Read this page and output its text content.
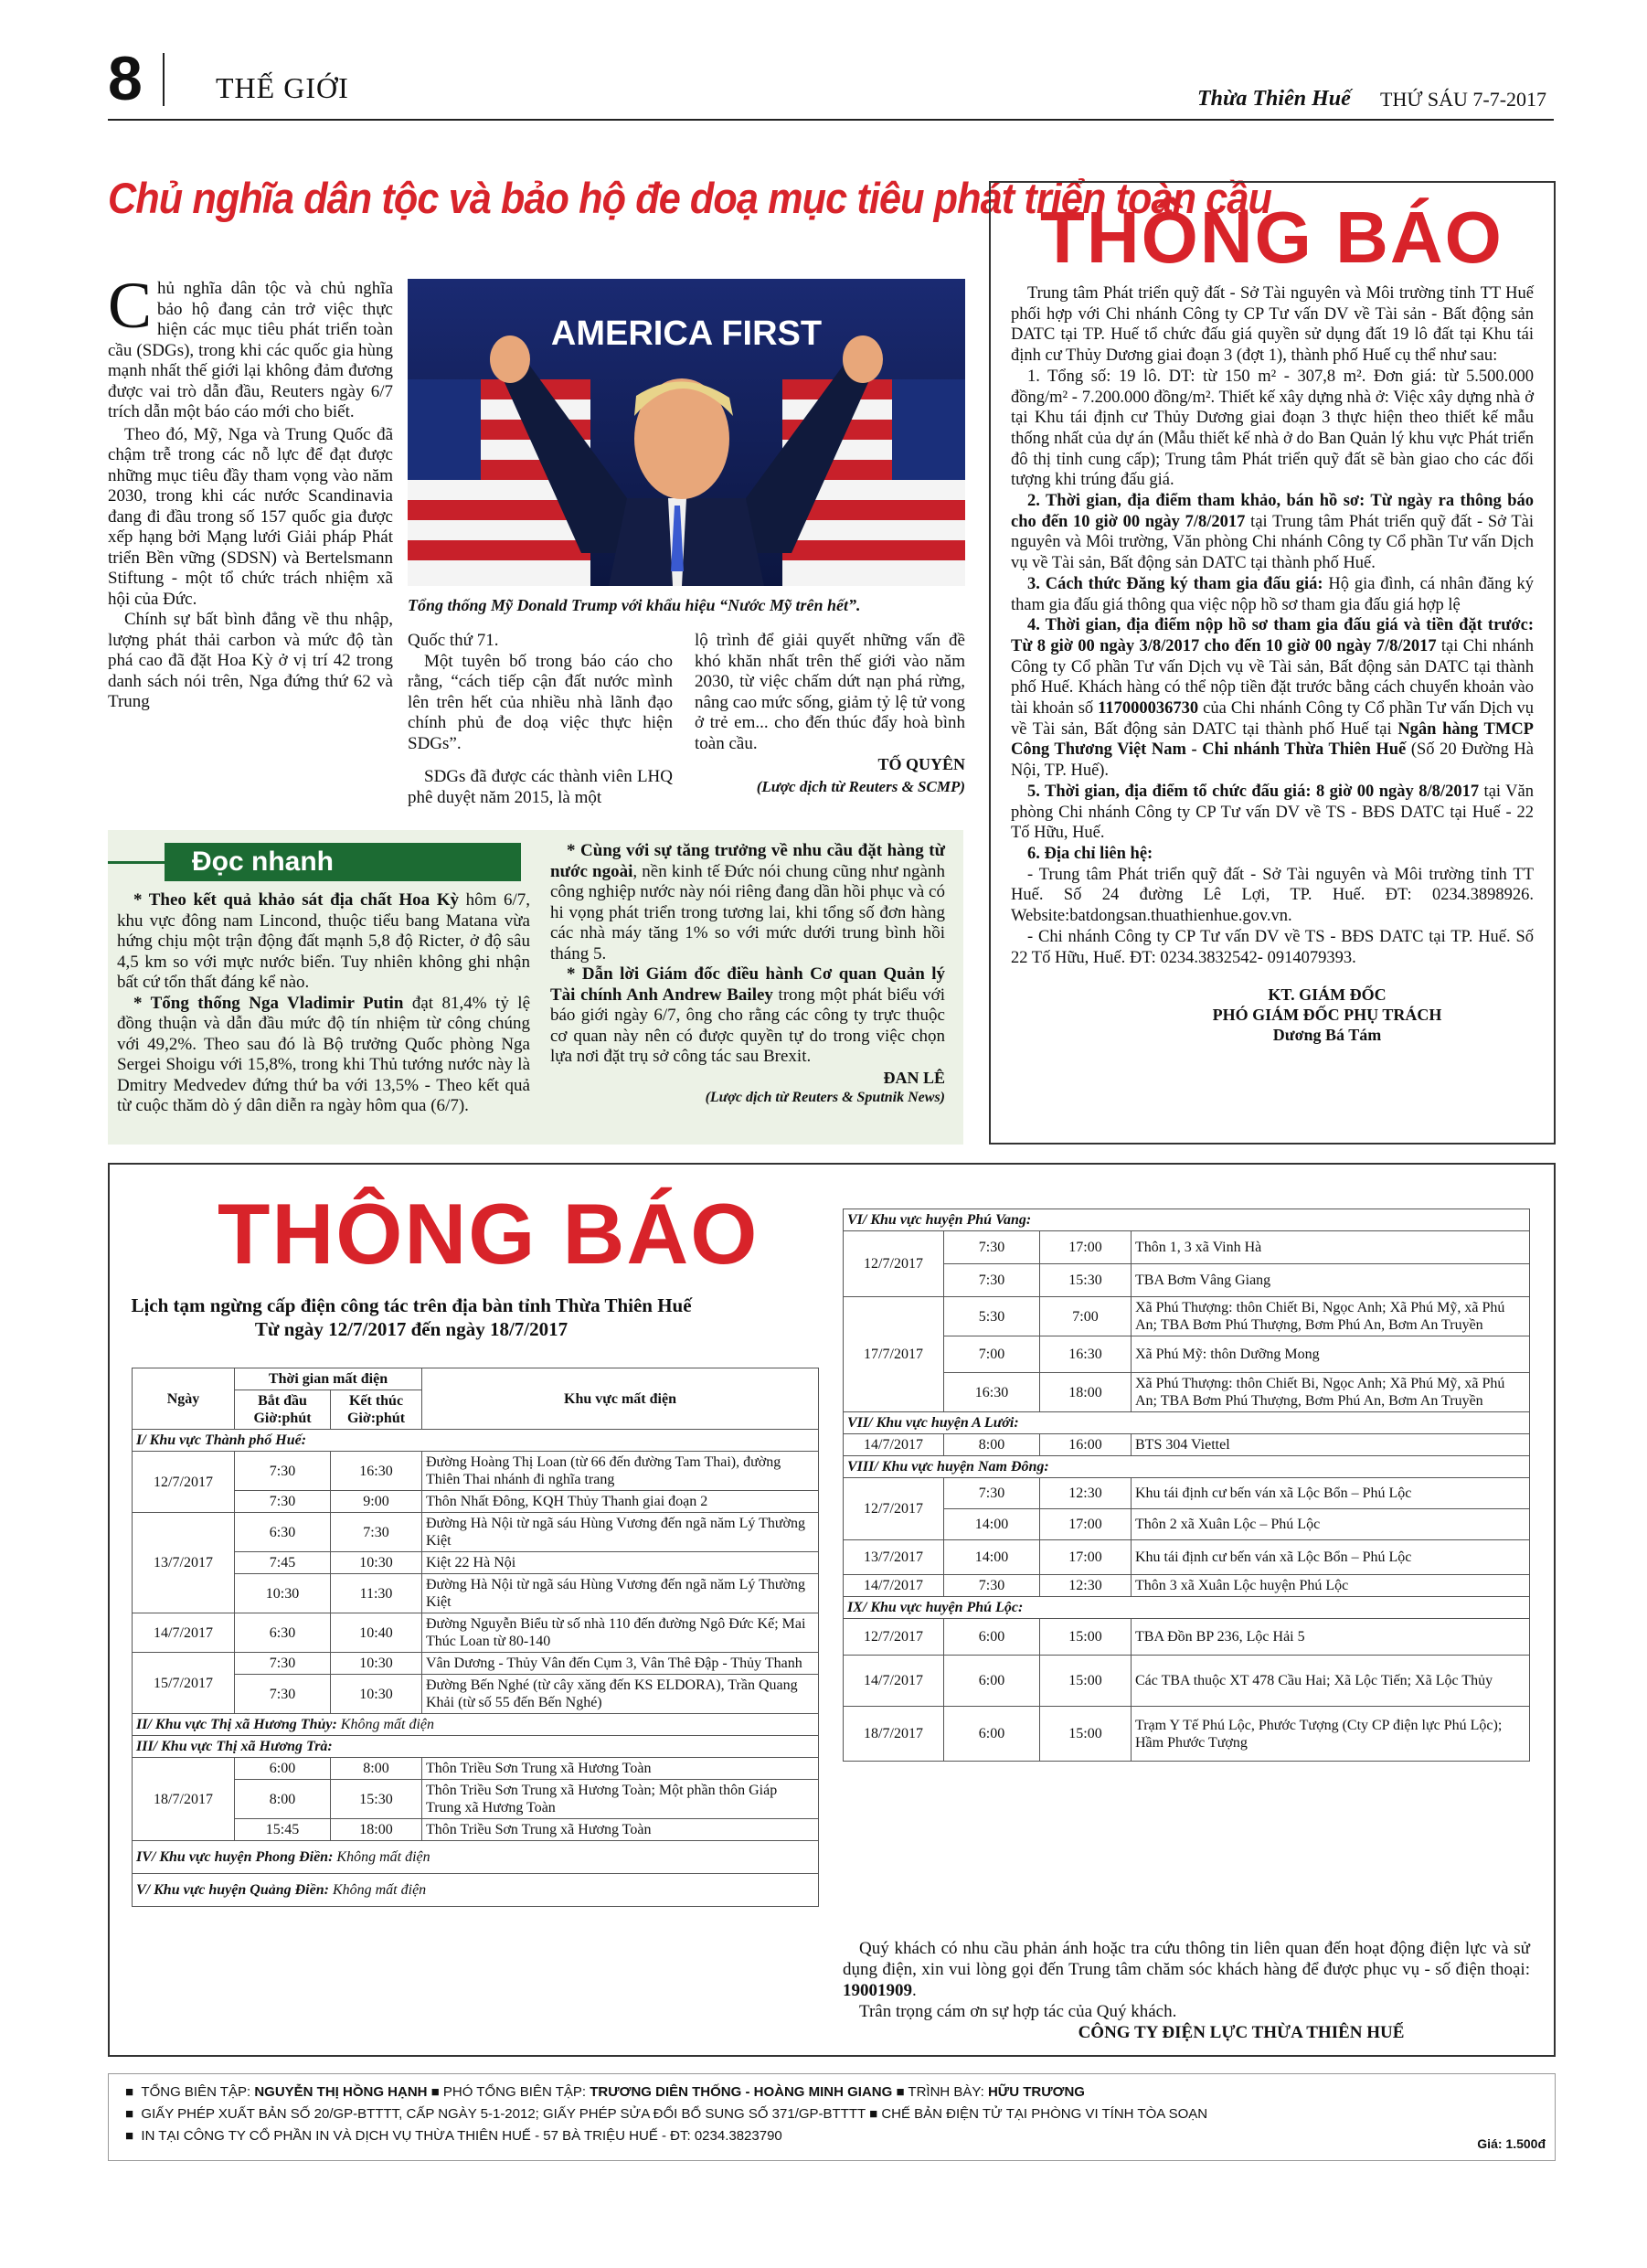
8	THẾ GIỚI	Thừa Thiên Huế THỨ SÁU 7-7-2017
Chủ nghĩa dân tộc và bảo hộ đe doạ mục tiêu phát triển toàn cầu

Chủ nghĩa dân tộc và chủ nghĩa bảo hộ đang cản trở việc thực hiện các mục tiêu phát triển toàn cầu (SDGs), trong khi các quốc gia hùng mạnh nhất thế giới lại không đảm đương được vai trò dẫn đầu, Reuters ngày 6/7 trích dẫn một báo cáo mới cho biết.

Theo đó, Mỹ, Nga và Trung Quốc đã chậm trễ trong các nỗ lực để đạt được những mục tiêu đầy tham vọng vào năm 2030, trong khi các nước Scandinavia đang đi đầu trong số 157 quốc gia được xếp hạng bởi Mạng lưới Giải pháp Phát triển Bền vững (SDSN) và Bertelsmann Stiftung - một tổ chức trách nhiệm xã hội của Đức.

Chính sự bất bình đẳng về thu nhập, lượng phát thải carbon và mức độ tàn phá cao đã đặt Hoa Kỳ ở vị trí 42 trong danh sách nói trên, Nga đứng thứ 62 và Trung

AMERICA FIRST
Tổng thống Mỹ Donald Trump với khẩu hiệu “Nước Mỹ trên hết”.

Quốc thứ 71.

Một tuyên bố trong báo cáo cho rằng, “cách tiếp cận đất nước mình lên trên hết của nhiều nhà lãnh đạo chính phủ đe doạ việc thực hiện SDGs”.

SDGs đã được các thành viên LHQ phê duyệt năm 2015, là một

lộ trình để giải quyết những vấn đề khó khăn nhất trên thế giới vào năm 2030, từ việc chấm dứt nạn phá rừng, nâng cao mức sống, giảm tỷ lệ tử vong ở trẻ em... cho đến thúc đẩy hoà bình toàn cầu.

TỐ QUYÊN
(Lược dịch từ Reuters & SCMP)
Đọc nhanh

* Theo kết quả khảo sát địa chất Hoa Kỳ hôm 6/7, khu vực đông nam Lincond, thuộc tiểu bang Matana vừa hứng chịu một trận động đất mạnh 5,8 độ Ricter, ở độ sâu 4,5 km so với mực nước biển. Tuy nhiên không ghi nhận bất cứ tổn thất đáng kể nào.

* Tổng thống Nga Vladimir Putin đạt 81,4% tỷ lệ đồng thuận và dẫn đầu mức độ tín nhiệm từ công chúng với 49,2%. Theo sau đó là Bộ trưởng Quốc phòng Nga Sergei Shoigu với 15,8%, trong khi Thủ tướng nước này là Dmitry Medvedev đứng thứ ba với 13,5% - Theo kết quả từ cuộc thăm dò ý dân diễn ra ngày hôm qua (6/7).

* Cùng với sự tăng trưởng về nhu cầu đặt hàng từ nước ngoài, nền kinh tế Đức nói chung cũng như ngành công nghiệp nước này nói riêng đang dần hồi phục và có hi vọng phát triển trong tương lai, khi tổng số đơn hàng các nhà máy tăng 1% so với mức dưới trung bình hồi tháng 5.

* Dẫn lời Giám đốc điều hành Cơ quan Quản lý Tài chính Anh Andrew Bailey trong một phát biểu với báo giới ngày 6/7, ông cho rằng các công ty trực thuộc cơ quan này nên có được quyền tự do trong việc chọn lựa nơi đặt trụ sở công tác sau Brexit.

ĐAN LÊ
(Lược dịch từ Reuters & Sputnik News)
THÔNG BÁO

Trung tâm Phát triển quỹ đất - Sở Tài nguyên và Môi trường tỉnh TT Huế phối hợp với Chi nhánh Công ty CP Tư vấn DV về Tài sản - Bất động sản DATC tại TP. Huế tổ chức đấu giá quyền sử dụng đất 19 lô đất tại Khu tái định cư Thủy Dương giai đoạn 3 (đợt 1), thành phố Huế cụ thể như sau:

1. Tổng số: 19 lô. DT: từ 150 m² - 307,8 m². Đơn giá: từ 5.500.000 đồng/m² - 7.200.000 đồng/m². Thiết kế xây dựng nhà ở: Việc xây dựng nhà ở tại Khu tái định cư Thủy Dương giai đoạn 3 thực hiện theo thiết kế mẫu thống nhất của dự án (Mẫu thiết kế nhà ở do Ban Quản lý khu vực Phát triển đô thị tỉnh cung cấp); Trung tâm Phát triển quỹ đất sẽ bàn giao cho các đối tượng khi trúng đấu giá.

2. Thời gian, địa điểm tham khảo, bán hồ sơ: Từ ngày ra thông báo cho đến 10 giờ 00 ngày 7/8/2017 tại Trung tâm Phát triển quỹ đất - Sở Tài nguyên và Môi trường, Văn phòng Chi nhánh Công ty Cổ phần Tư vấn Dịch vụ về Tài sản, Bất động sản DATC tại thành phố Huế.

3. Cách thức Đăng ký tham gia đấu giá: Hộ gia đình, cá nhân đăng ký tham gia đấu giá thông qua việc nộp hồ sơ tham gia đấu giá hợp lệ

4. Thời gian, địa điểm nộp hồ sơ tham gia đấu giá và tiền đặt trước: Từ 8 giờ 00 ngày 3/8/2017 cho đến 10 giờ 00 ngày 7/8/2017 tại Chi nhánh Công ty Cổ phần Tư vấn Dịch vụ về Tài sản, Bất động sản DATC tại thành phố Huế. Khách hàng có thể nộp tiền đặt trước bằng cách chuyển khoản vào tài khoản số 117000036730 của Chi nhánh Công ty Cổ phần Tư vấn Dịch vụ về Tài sản, Bất động sản DATC tại thành phố Huế tại Ngân hàng TMCP Công Thương Việt Nam - Chi nhánh Thừa Thiên Huế (Số 20 Đường Hà Nội, TP. Huế).

5. Thời gian, địa điểm tổ chức đấu giá: 8 giờ 00 ngày 8/8/2017 tại Văn phòng Chi nhánh Công ty CP Tư vấn DV về TS - BĐS DATC tại Huế - 22 Tố Hữu, Huế.

6. Địa chỉ liên hệ:

- Trung tâm Phát triển quỹ đất - Sở Tài nguyên và Môi trường tỉnh TT Huế. Số 24 đường Lê Lợi, TP. Huế. ĐT: 0234.3898926. Website:batdongsan.thuathienhue.gov.vn.

- Chi nhánh Công ty CP Tư vấn DV về TS - BĐS DATC tại TP. Huế. Số 22 Tố Hữu, Huế. ĐT: 0234.3832542- 0914079393.

KT. GIÁM ĐỐC
PHÓ GIÁM ĐỐC PHỤ TRÁCH
Dương Bá Tám
THÔNG BÁO
Lịch tạm ngừng cấp điện công tác trên địa bàn tỉnh Thừa Thiên Huế
Từ ngày 12/7/2017 đến ngày 18/7/2017
Ngày	Thời gian mất điện		Khu vực mất điện
	Bắt đầu Giờ:phút	Kết thúc Giờ:phút	
I/ Khu vực Thành phố Huế:			
12/7/2017	7:30	16:30	Đường Hoàng Thị Loan (từ 66 đến đường Tam Thai), đường Thiên Thai nhánh đi nghĩa trang
	7:30	9:00	Thôn Nhất Đông, KQH Thủy Thanh giai đoạn 2
13/7/2017	6:30	7:30	Đường Hà Nội từ ngã sáu Hùng Vương đến ngã năm Lý Thường Kiệt
	7:45	10:30	Kiệt 22 Hà Nội
	10:30	11:30	Đường Hà Nội từ ngã sáu Hùng Vương đến ngã năm Lý Thường Kiệt
14/7/2017	6:30	10:40	Đường Nguyễn Biểu từ số nhà 110 đến đường Ngô Đức Kế; Mai Thúc Loan từ 80-140
15/7/2017	7:30	10:30	Vân Dương - Thủy Vân đến Cụm 3, Vân Thê Đập - Thủy Thanh
	7:30	10:30	Đường Bến Nghé (từ cây xăng đến KS ELDORA), Trần Quang Khải (từ số 55 đến Bến Nghé)
II/ Khu vực Thị xã Hương Thủy: Không mất điện			
III/ Khu vực Thị xã Hương Trà:			
18/7/2017	6:00	8:00	Thôn Triều Sơn Trung xã Hương Toàn
	8:00	15:30	Thôn Triều Sơn Trung xã Hương Toàn; Một phần thôn Giáp Trung xã Hương Toàn
	15:45	18:00	Thôn Triều Sơn Trung xã Hương Toàn
IV/ Khu vực huyện Phong Điền: Không mất điện			
V/ Khu vực huyện Quảng Điền: Không mất điện			
VI/ Khu vực huyện Phú Vang:			
12/7/2017	7:30	17:00	Thôn 1, 3 xã Vinh Hà
	7:30	15:30	TBA Bơm Vâng Giang
17/7/2017	5:30	7:00	Xã Phú Thượng: thôn Chiết Bi, Ngọc Anh; Xã Phú Mỹ, xã Phú An; TBA Bơm Phú Thượng, Bơm Phú An, Bơm An Truyền
	7:00	16:30	Xã Phú Mỹ: thôn Dưỡng Mong
	16:30	18:00	Xã Phú Thượng: thôn Chiết Bi, Ngọc Anh; Xã Phú Mỹ, xã Phú An; TBA Bơm Phú Thượng, Bơm Phú An, Bơm An Truyền
VII/ Khu vực huyện A Lưới:			
14/7/2017	8:00	16:00	BTS 304 Viettel
VIII/ Khu vực huyện Nam Đông:			
12/7/2017	7:30	12:30	Khu tái định cư bến ván xã Lộc Bổn – Phú Lộc
	14:00	17:00	Thôn 2 xã Xuân Lộc – Phú Lộc
13/7/2017	14:00	17:00	Khu tái định cư bến ván xã Lộc Bổn – Phú Lộc
14/7/2017	7:30	12:30	Thôn 3 xã Xuân Lộc huyện Phú Lộc
IX/ Khu vực huyện Phú Lộc:			
12/7/2017	6:00	15:00	TBA Đồn BP 236, Lộc Hải 5
14/7/2017	6:00	15:00	Các TBA thuộc XT 478 Cầu Hai; Xã Lộc Tiến; Xã Lộc Thủy
18/7/2017	6:00	15:00	Trạm Y Tế Phú Lộc, Phước Tượng (Cty CP điện lực Phú Lộc); Hầm Phước Tượng

Quý khách có nhu cầu phản ánh hoặc tra cứu thông tin liên quan đến hoạt động điện lực và sử dụng điện, xin vui lòng gọi đến Trung tâm chăm sóc khách hàng để được phục vụ - số điện thoại: 19001909.

Trân trọng cám ơn sự hợp tác của Quý khách.

CÔNG TY ĐIỆN LỰC THỪA THIÊN HUẾ
■  TỔNG BIÊN TẬP: NGUYỄN THỊ HỒNG HẠNH ■ PHÓ TỔNG BIÊN TẬP: TRƯƠNG DIÊN THỐNG - HOÀNG MINH GIANG ■ TRÌNH BÀY: HỮU TRƯƠNG
■  GIẤY PHÉP XUẤT BẢN SỐ 20/GP-BTTTT, CẤP NGÀY 5-1-2012; GIẤY PHÉP SỬA ĐỔI BỔ SUNG SỐ 371/GP-BTTTT ■ CHẾ BẢN ĐIỆN TỬ TẠI PHÒNG VI TÍNH TÒA SOẠN
■  IN TẠI CÔNG TY CỔ PHẦN IN VÀ DỊCH VỤ THỪA THIÊN HUẾ - 57 BÀ TRIỆU HUẾ - ĐT: 0234.3823790	Giá: 1.500đ
